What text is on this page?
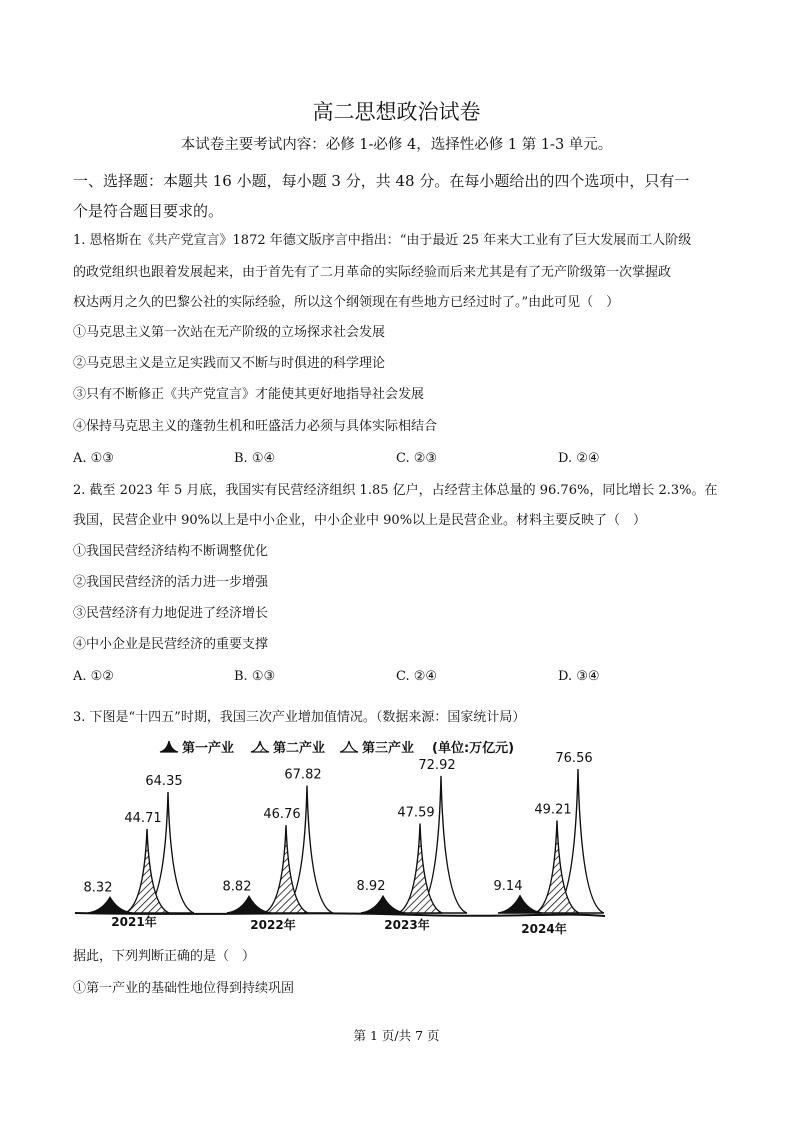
高二思想政治试卷
本试卷主要考试内容：必修 1-必修 4，选择性必修 1 第 1-3 单元。
一、选择题：本题共 16 小题，每小题 3 分，共 48 分。在每小题给出的四个选项中，只有一
个是符合题目要求的。
1. 恩格斯在《共产党宣言》1872 年德文版序言中指出：“由于最近 25 年来大工业有了巨大发展而工人阶级
的政党组织也跟着发展起来，由于首先有了二月革命的实际经验而后来尤其是有了无产阶级第一次掌握政
权达两月之久的巴黎公社的实际经验，所以这个纲领现在有些地方已经过时了。”由此可见（　）
①马克思主义第一次站在无产阶级的立场探求社会发展
②马克思主义是立足实践而又不断与时俱进的科学理论
③只有不断修正《共产党宣言》才能使其更好地指导社会发展
④保持马克思主义的蓬勃生机和旺盛活力必须与具体实际相结合
A. ①③	B. ①④	C. ②③	D. ②④
2. 截至 2023 年 5 月底，我国实有民营经济组织 1.85 亿户，占经营主体总量的 96.76%，同比增长 2.3%。在
我国，民营企业中 90%以上是中小企业，中小企业中 90%以上是民营企业。材料主要反映了（　）
①我国民营经济结构不断调整优化
②我国民营经济的活力进一步增强
③民营经济有力地促进了经济增长
④中小企业是民营经济的重要支撑
A. ①②	B. ①③	C. ②④	D. ③④
3. 下图是“十四五”时期，我国三次产业增加值情况。（数据来源：国家统计局）
第一产业	第二产业	第三产业 (单位:万亿元)
64.35
44.71
8.32
2021年
67.82
46.76
8.82
2022年
72.92
47.59
8.92
2023年
76.56
49.21
9.14
2024年
据此，下列判断正确的是（　）
①第一产业的基础性地位得到持续巩固
第 1 页/共 7 页
